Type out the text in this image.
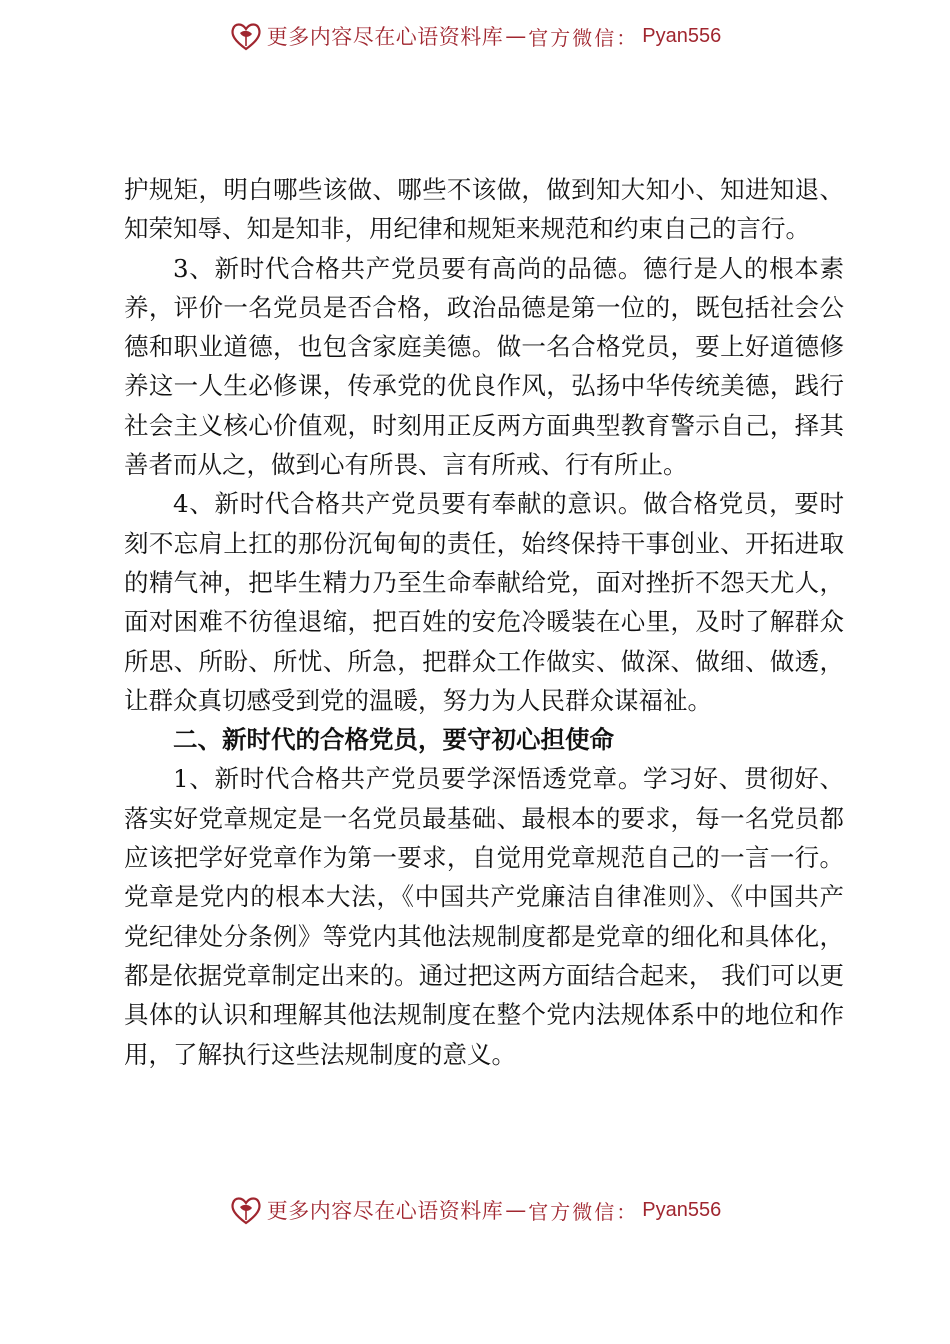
更多内容尽在心语资料库 — 官方微信： Pyan556

护规矩，明白哪些该做、哪些不该做，做到知大知小、知进知退、知荣知辱、知是知非，用纪律和规矩来规范和约束自己的言行。

3、新时代合格共产党员要有高尚的品德。德行是人的根本素养，评价一名党员是否合格，政治品德是第一位的，既包括社会公德和职业道德，也包含家庭美德。做一名合格党员，要上好道德修养这一人生必修课，传承党的优良作风，弘扬中华传统美德，践行社会主义核心价值观，时刻用正反两方面典型教育警示自己，择其善者而从之，做到心有所畏、言有所戒、行有所止。

4、新时代合格共产党员要有奉献的意识。做合格党员，要时刻不忘肩上扛的那份沉甸甸的责任，始终保持干事创业、开拓进取的精气神，把毕生精力乃至生命奉献给党，面对挫折不怨天尤人，面对困难不彷徨退缩，把百姓的安危冷暖装在心里，及时了解群众所思、所盼、所忧、所急，把群众工作做实、做深、做细、做透，让群众真切感受到党的温暖，努力为人民群众谋福祉。

二、新时代的合格党员，要守初心担使命

1、新时代合格共产党员要学深悟透党章。学习好、贯彻好、落实好党章规定是一名党员最基础、最根本的要求，每一名党员都应该把学好党章作为第一要求，自觉用党章规范自己的一言一行。党章是党内的根本大法，《中国共产党廉洁自律准则》、《中国共产党纪律处分条例》等党内其他法规制度都是党章的细化和具体化，都是依据党章制定出来的。通过把这两方面结合起来， 我们可以更具体的认识和理解其他法规制度在整个党内法规体系中的地位和作用，了解执行这些法规制度的意义。

更多内容尽在心语资料库 — 官方微信： Pyan556
